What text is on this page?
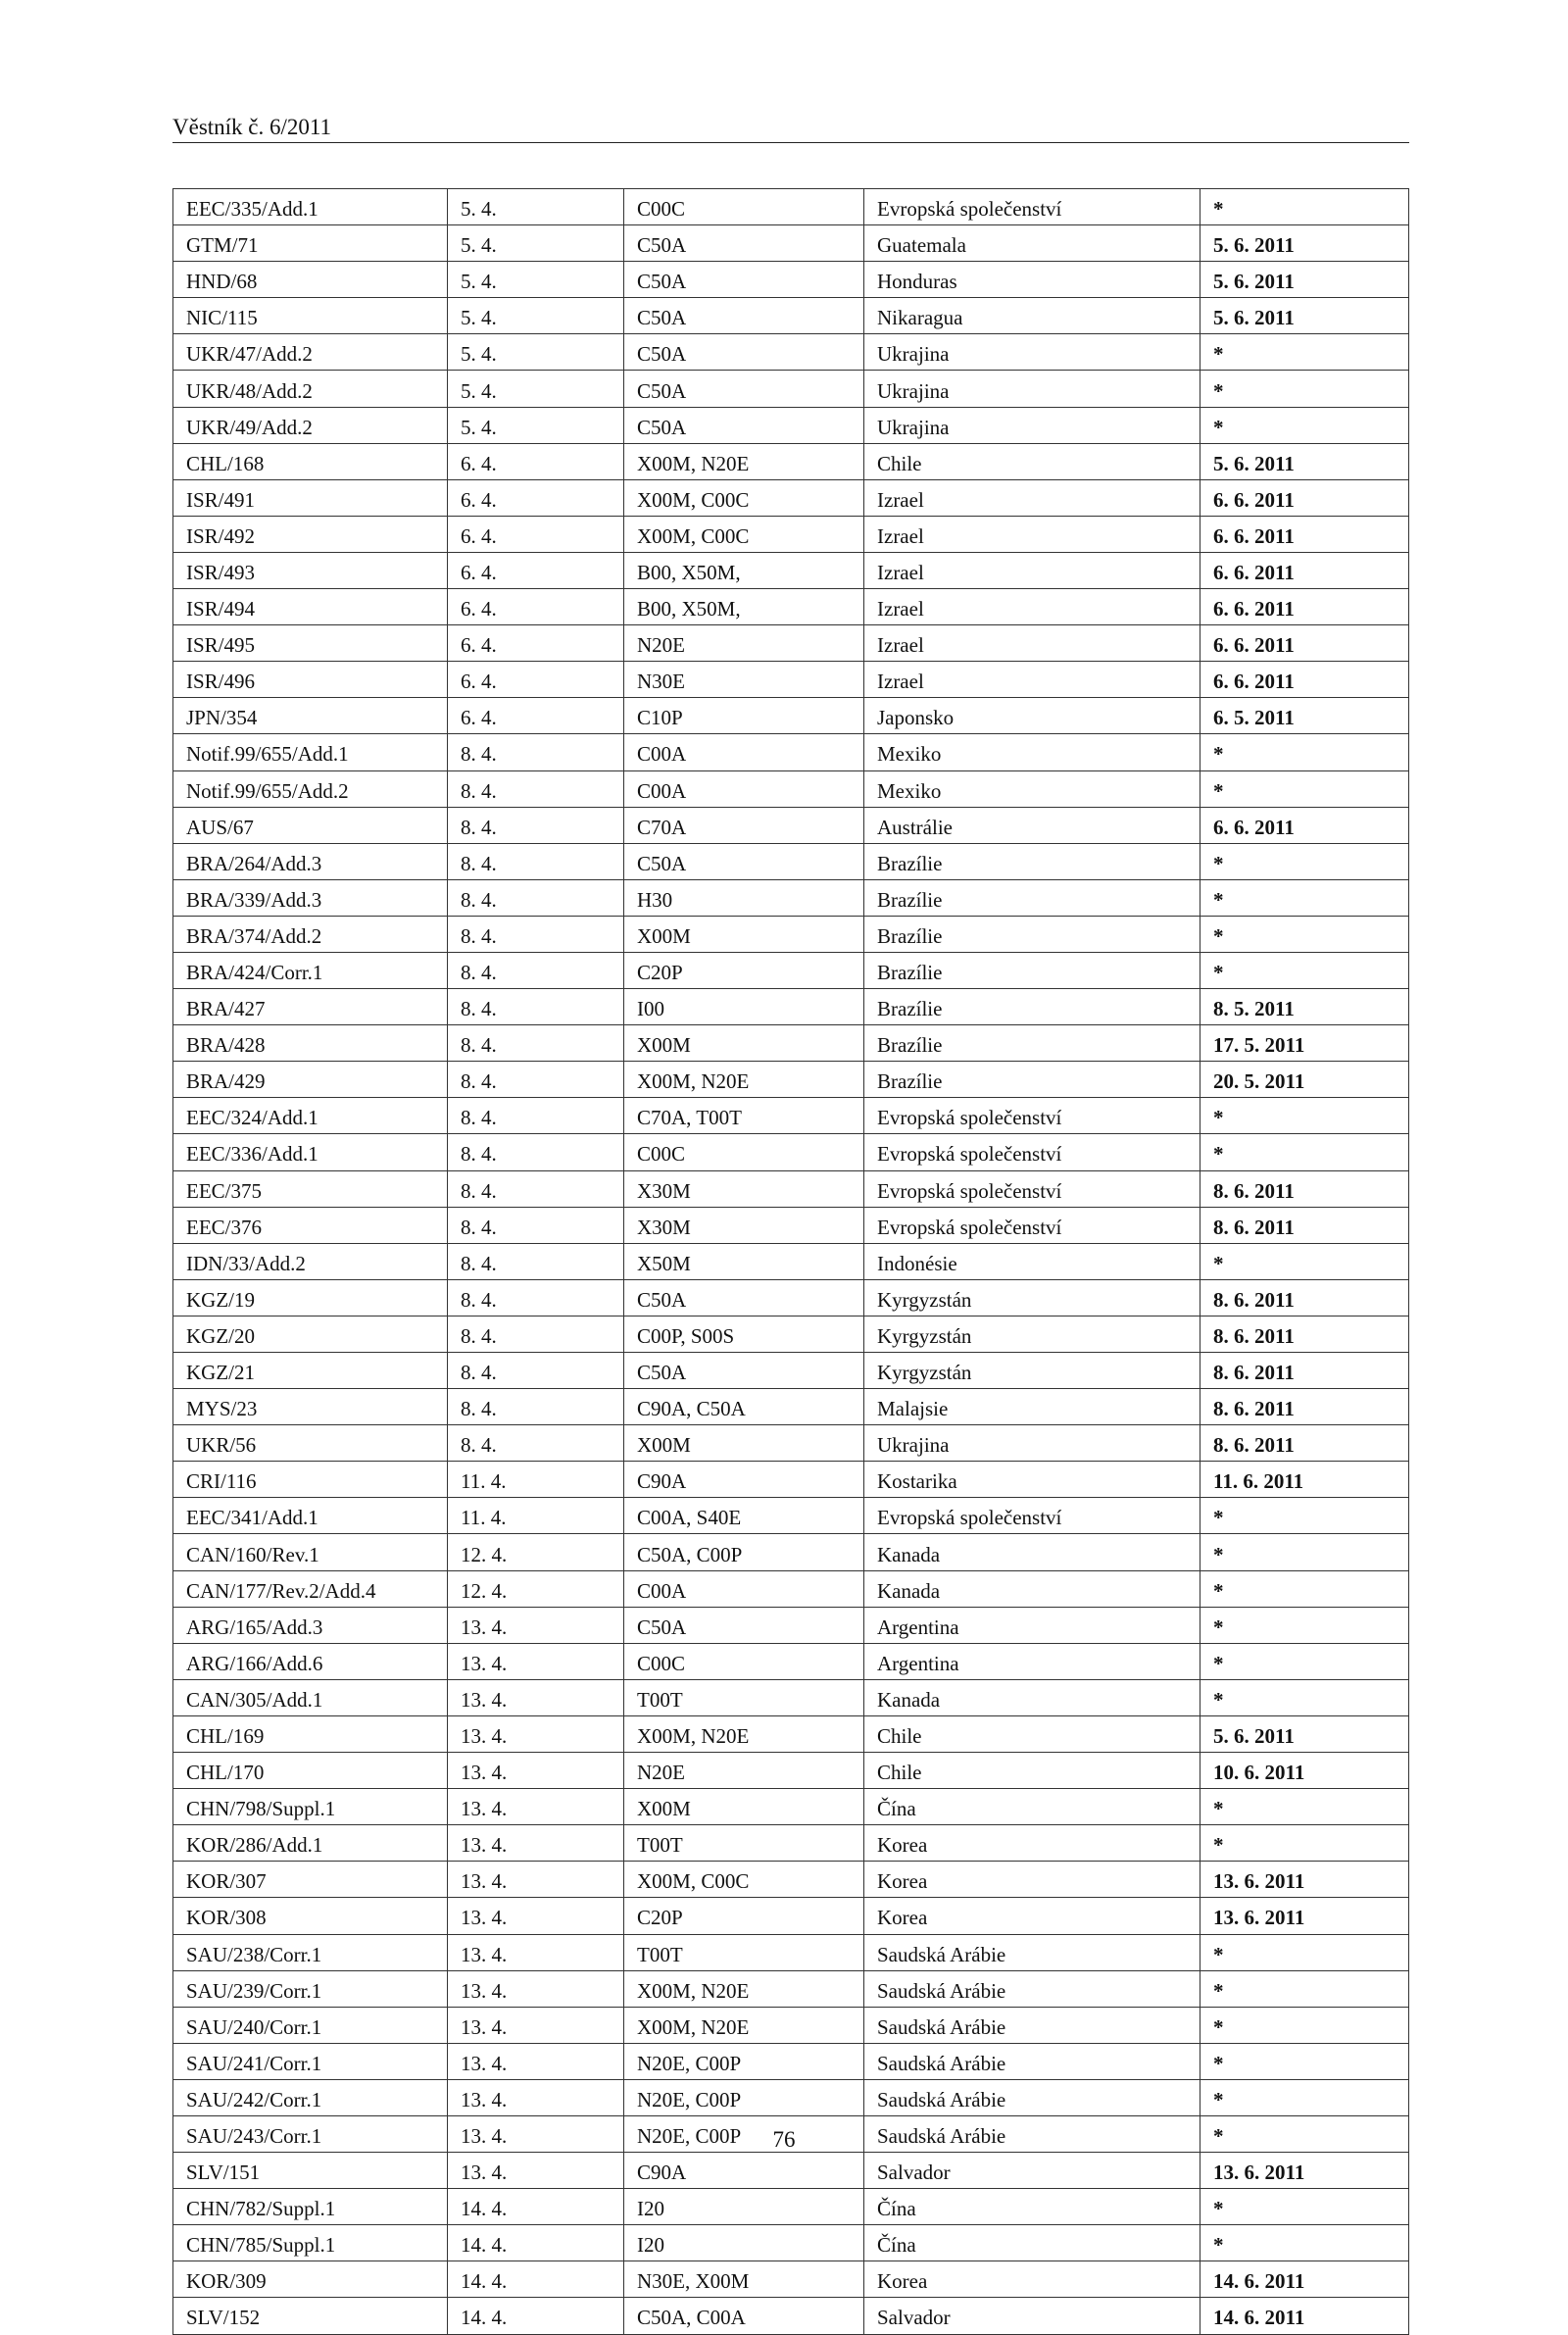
Věstník č. 6/2011
EEC/335/Add.1	5. 4.	C00C	Evropská společenství	*
GTM/71	5. 4.	C50A	Guatemala	5. 6. 2011
HND/68	5. 4.	C50A	Honduras	5. 6. 2011
NIC/115	5. 4.	C50A	Nikaragua	5. 6. 2011
UKR/47/Add.2	5. 4.	C50A	Ukrajina	*
UKR/48/Add.2	5. 4.	C50A	Ukrajina	*
UKR/49/Add.2	5. 4.	C50A	Ukrajina	*
CHL/168	6. 4.	X00M, N20E	Chile	5. 6. 2011
ISR/491	6. 4.	X00M, C00C	Izrael	6. 6. 2011
ISR/492	6. 4.	X00M, C00C	Izrael	6. 6. 2011
ISR/493	6. 4.	B00, X50M,	Izrael	6. 6. 2011
ISR/494	6. 4.	B00, X50M,	Izrael	6. 6. 2011
ISR/495	6. 4.	N20E	Izrael	6. 6. 2011
ISR/496	6. 4.	N30E	Izrael	6. 6. 2011
JPN/354	6. 4.	C10P	Japonsko	6. 5. 2011
Notif.99/655/Add.1	8. 4.	C00A	Mexiko	*
Notif.99/655/Add.2	8. 4.	C00A	Mexiko	*
AUS/67	8. 4.	C70A	Austrálie	6. 6. 2011
BRA/264/Add.3	8. 4.	C50A	Brazílie	*
BRA/339/Add.3	8. 4.	H30	Brazílie	*
BRA/374/Add.2	8. 4.	X00M	Brazílie	*
BRA/424/Corr.1	8. 4.	C20P	Brazílie	*
BRA/427	8. 4.	I00	Brazílie	8. 5. 2011
BRA/428	8. 4.	X00M	Brazílie	17. 5. 2011
BRA/429	8. 4.	X00M, N20E	Brazílie	20. 5. 2011
EEC/324/Add.1	8. 4.	C70A, T00T	Evropská společenství	*
EEC/336/Add.1	8. 4.	C00C	Evropská společenství	*
EEC/375	8. 4.	X30M	Evropská společenství	8. 6. 2011
EEC/376	8. 4.	X30M	Evropská společenství	8. 6. 2011
IDN/33/Add.2	8. 4.	X50M	Indonésie	*
KGZ/19	8. 4.	C50A	Kyrgyzstán	8. 6. 2011
KGZ/20	8. 4.	C00P, S00S	Kyrgyzstán	8. 6. 2011
KGZ/21	8. 4.	C50A	Kyrgyzstán	8. 6. 2011
MYS/23	8. 4.	C90A, C50A	Malajsie	8. 6. 2011
UKR/56	8. 4.	X00M	Ukrajina	8. 6. 2011
CRI/116	11. 4.	C90A	Kostarika	11. 6. 2011
EEC/341/Add.1	11. 4.	C00A, S40E	Evropská společenství	*
CAN/160/Rev.1	12. 4.	C50A, C00P	Kanada	*
CAN/177/Rev.2/Add.4	12. 4.	C00A	Kanada	*
ARG/165/Add.3	13. 4.	C50A	Argentina	*
ARG/166/Add.6	13. 4.	C00C	Argentina	*
CAN/305/Add.1	13. 4.	T00T	Kanada	*
CHL/169	13. 4.	X00M, N20E	Chile	5. 6. 2011
CHL/170	13. 4.	N20E	Chile	10. 6. 2011
CHN/798/Suppl.1	13. 4.	X00M	Čína	*
KOR/286/Add.1	13. 4.	T00T	Korea	*
KOR/307	13. 4.	X00M, C00C	Korea	13. 6. 2011
KOR/308	13. 4.	C20P	Korea	13. 6. 2011
SAU/238/Corr.1	13. 4.	T00T	Saudská Arábie	*
SAU/239/Corr.1	13. 4.	X00M, N20E	Saudská Arábie	*
SAU/240/Corr.1	13. 4.	X00M, N20E	Saudská Arábie	*
SAU/241/Corr.1	13. 4.	N20E, C00P	Saudská Arábie	*
SAU/242/Corr.1	13. 4.	N20E, C00P	Saudská Arábie	*
SAU/243/Corr.1	13. 4.	N20E, C00P	Saudská Arábie	*
SLV/151	13. 4.	C90A	Salvador	13. 6. 2011
CHN/782/Suppl.1	14. 4.	I20	Čína	*
CHN/785/Suppl.1	14. 4.	I20	Čína	*
KOR/309	14. 4.	N30E, X00M	Korea	14. 6. 2011
SLV/152	14. 4.	C50A, C00A	Salvador	14. 6. 2011
76
